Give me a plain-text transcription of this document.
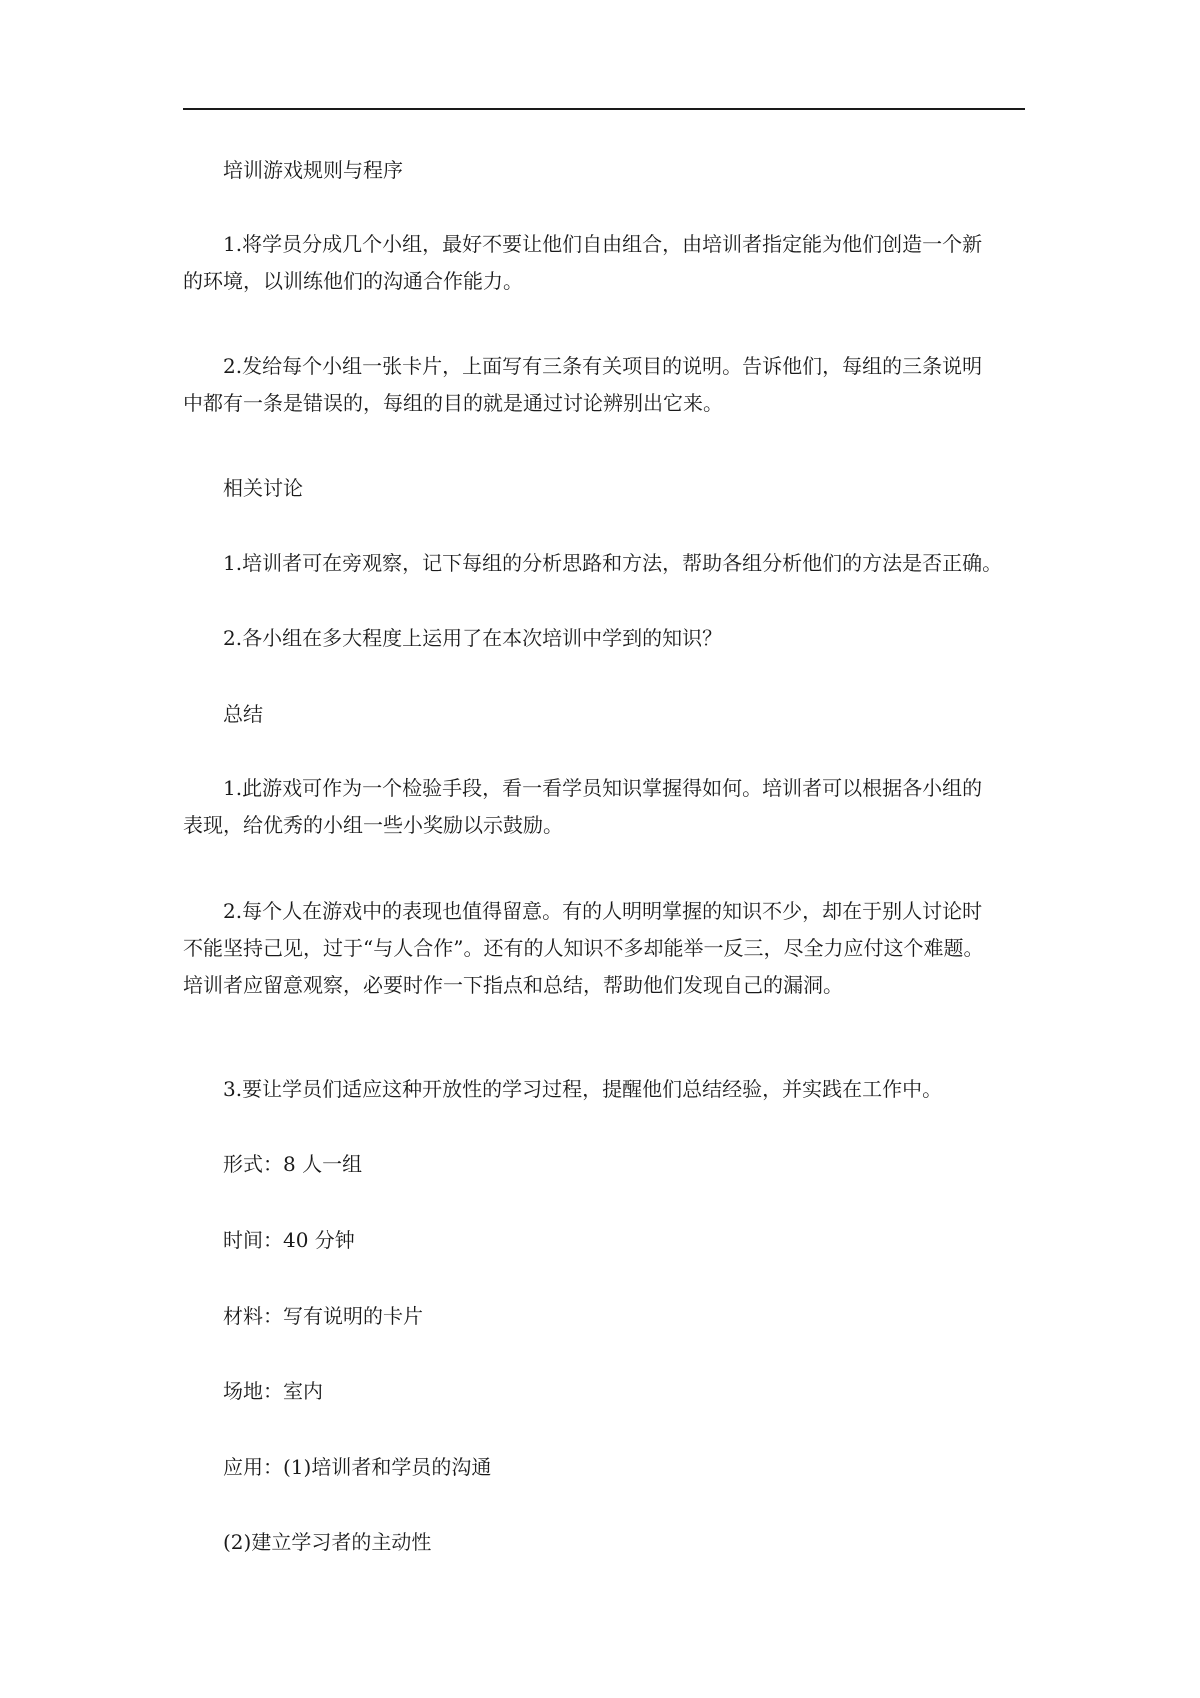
培训游戏规则与程序

1.将学员分成几个小组，最好不要让他们自由组合，由培训者指定能为他们创造一个新
的环境，以训练他们的沟通合作能力。
2.发给每个小组一张卡片，上面写有三条有关项目的说明。告诉他们，每组的三条说明
中都有一条是错误的，每组的目的就是通过讨论辨别出它来。

相关讨论

1.培训者可在旁观察，记下每组的分析思路和方法，帮助各组分析他们的方法是否正确。

2.各小组在多大程度上运用了在本次培训中学到的知识？

总结

1.此游戏可作为一个检验手段，看一看学员知识掌握得如何。培训者可以根据各小组的
表现，给优秀的小组一些小奖励以示鼓励。
2.每个人在游戏中的表现也值得留意。有的人明明掌握的知识不少，却在于别人讨论时
不能坚持己见，过于“与人合作”。还有的人知识不多却能举一反三，尽全力应付这个难题。
培训者应留意观察，必要时作一下指点和总结，帮助他们发现自己的漏洞。
3.要让学员们适应这种开放性的学习过程，提醒他们总结经验，并实践在工作中。

形式：8 人一组

时间：40 分钟

材料：写有说明的卡片

场地：室内

应用：(1)培训者和学员的沟通

(2)建立学习者的主动性
